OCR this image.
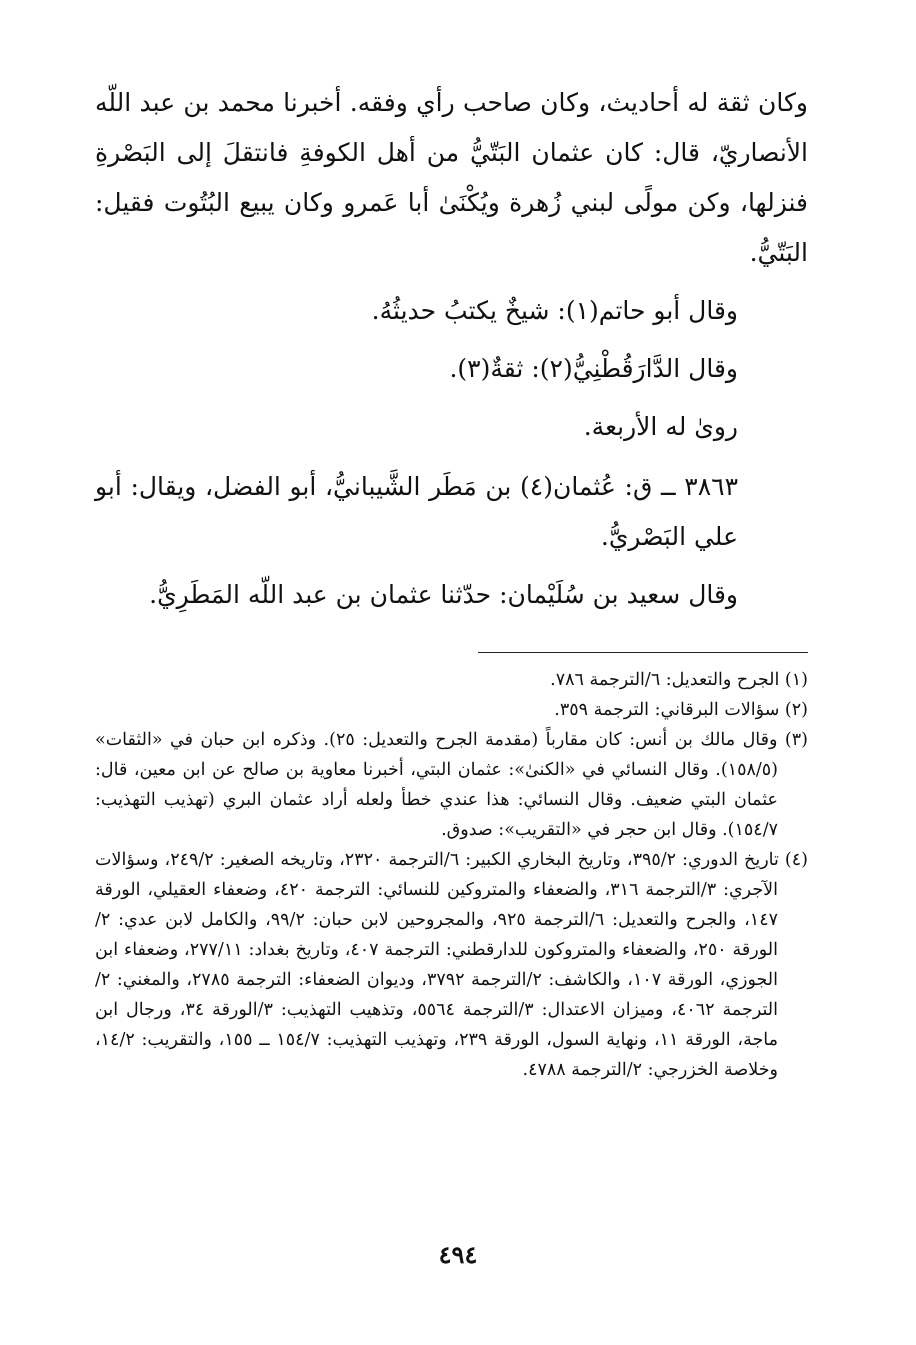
وكان ثقة له أحاديث، وكان صاحب رأي وفقه. أخبرنا محمد بن عبد اللّه الأنصاريّ، قال: كان عثمان البَتّيُّ من أهل الكوفةِ فانتقلَ إلى البَصْرةِ فنزلها، وكن مولًى لبني زُهرة ويُكْنَىٰ أبا عَمرو وكان يبيع البُتُوت فقيل: البَتّيُّ.

وقال أبو حاتم(١): شيخٌ يكتبُ حديثُهُ.

وقال الدَّارَقُطْنِيُّ(٢): ثقةٌ(٣).

روىٰ له الأربعة.

٣٨٦٣ ــ ق: عُثمان(٤) بن مَطَر الشَّيبانيُّ، أبو الفضل، ويقال: أبو علي البَصْريُّ.

وقال سعيد بن سُلَيْمان: حدّثنا عثمان بن عبد اللّه المَطَرِيُّ.

(١) الجرح والتعديل: ٦/الترجمة ٧٨٦.

(٢) سؤالات البرقاني: الترجمة ٣٥٩.

(٣) وقال مالك بن أنس: كان مقارباً (مقدمة الجرح والتعديل: ٢٥). وذكره ابن حبان في «الثقات» (١٥٨/٥). وقال النسائي في «الكنىٰ»: عثمان البتي، أخبرنا معاوية بن صالح عن ابن معين، قال: عثمان البتي ضعيف. وقال النسائي: هذا عندي خطأ ولعله أراد عثمان البري (تهذيب التهذيب: ١٥٤/٧). وقال ابن حجر في «التقريب»: صدوق.

(٤) تاريخ الدوري: ٣٩٥/٢، وتاريخ البخاري الكبير: ٦/الترجمة ٢٣٢٠، وتاريخه الصغير: ٢٤٩/٢، وسؤالات الآجري: ٣/الترجمة ٣١٦، والضعفاء والمتروكين للنسائي: الترجمة ٤٢٠، وضعفاء العقيلي، الورقة ١٤٧، والجرح والتعديل: ٦/الترجمة ٩٢٥، والمجروحين لابن حبان: ٩٩/٢، والكامل لابن عدي: ٢/الورقة ٢٥٠، والضعفاء والمتروكون للدارقطني: الترجمة ٤٠٧، وتاريخ بغداد: ٢٧٧/١١، وضعفاء ابن الجوزي، الورقة ١٠٧، والكاشف: ٢/الترجمة ٣٧٩٢، وديوان الضعفاء: الترجمة ٢٧٨٥، والمغني: ٢/الترجمة ٤٠٦٢، وميزان الاعتدال: ٣/الترجمة ٥٥٦٤، وتذهيب التهذيب: ٣/الورقة ٣٤، ورجال ابن ماجة، الورقة ١١، ونهاية السول، الورقة ٢٣٩، وتهذيب التهذيب: ١٥٤/٧ ــ ١٥٥، والتقريب: ١٤/٢، وخلاصة الخزرجي: ٢/الترجمة ٤٧٨٨.

٤٩٤
